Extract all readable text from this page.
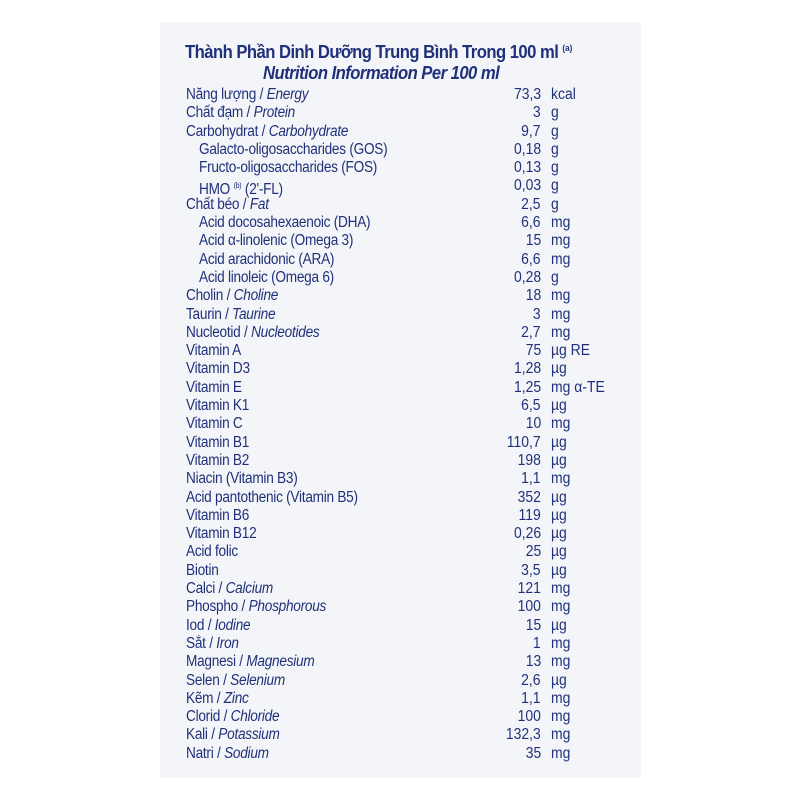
Thành Phần Dinh Dưỡng Trung Bình Trong 100 ml $^{(a)}$
Nutrition Information Per 100 ml
Năng lượng / Energy	73,3 kcal
Chất đạm / Protein	3 g
Carbohydrat / Carbohydrate	9,7 g
Galacto-oligosaccharides (GOS)	0,18 g
Fructo-oligosaccharides (FOS)	0,13 g
HMO $^{(b)}$ (2'-FL)	0,03 g
Chất béo / Fat	2,5 g
Acid docosahexaenoic (DHA)	6,6 mg
Acid α-linolenic (Omega 3)	15 mg
Acid arachidonic (ARA)	6,6 mg
Acid linoleic (Omega 6)	0,28 g
Cholin / Choline	18 mg
Taurin / Taurine	3 mg
Nucleotid / Nucleotides	2,7 mg
Vitamin A	75 µg RE
Vitamin D3	1,28 µg
Vitamin E	1,25 mg α-TE
Vitamin K1	6,5 µg
Vitamin C	10 mg
Vitamin B1	110,7 µg
Vitamin B2	198 µg
Niacin (Vitamin B3)	1,1 mg
Acid pantothenic (Vitamin B5)	352 µg
Vitamin B6	119 µg
Vitamin B12	0,26 µg
Acid folic	25 µg
Biotin	3,5 µg
Calci / Calcium	121 mg
Phospho / Phosphorous	100 mg
Iod / Iodine	15 µg
Sắt / Iron	1 mg
Magnesi / Magnesium	13 mg
Selen / Selenium	2,6 µg
Kẽm / Zinc	1,1 mg
Clorid / Chloride	100 mg
Kali / Potassium	132,3 mg
Natri / Sodium	35 mg
